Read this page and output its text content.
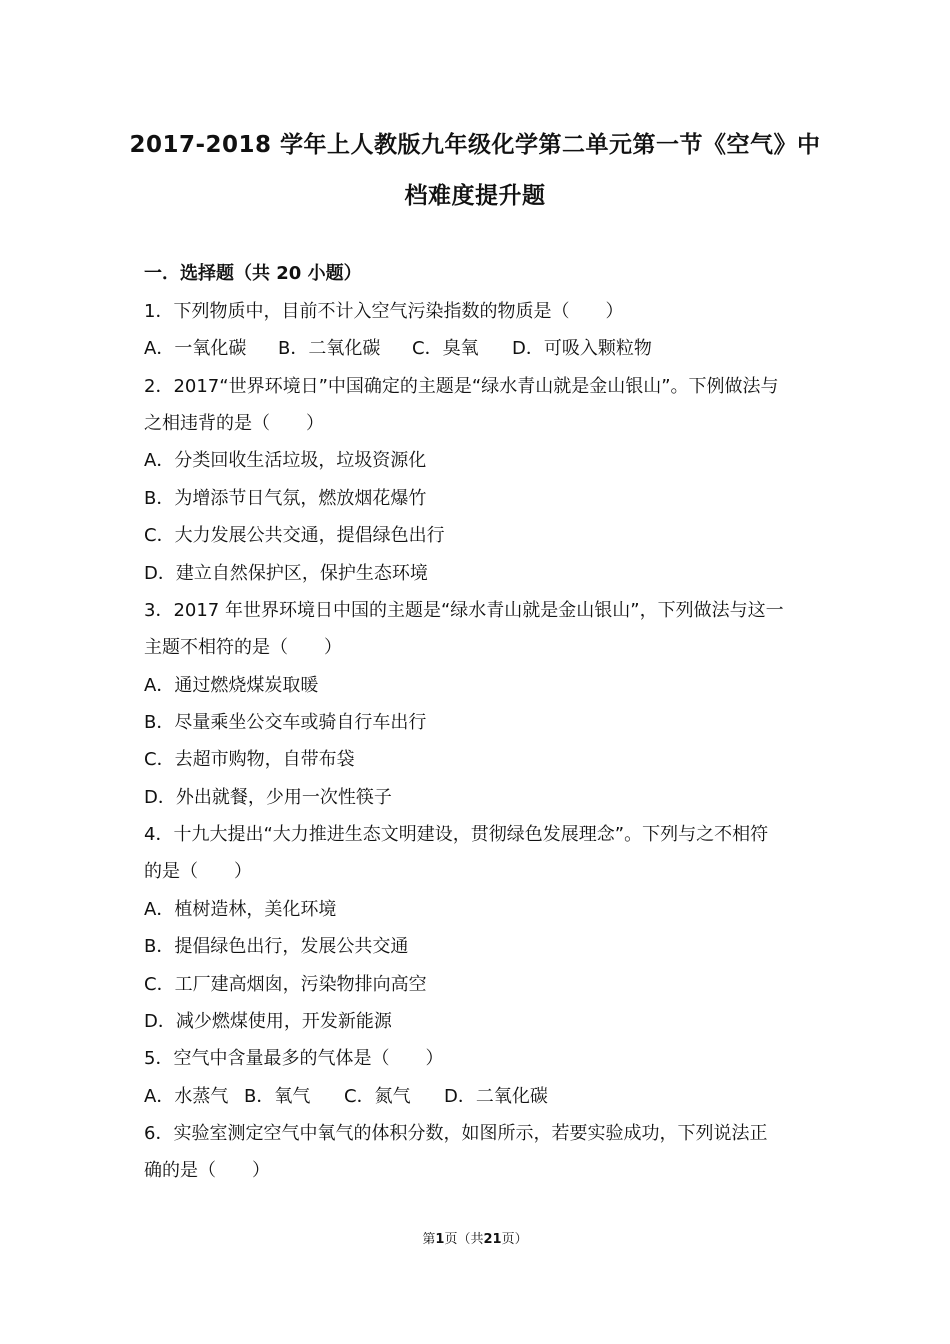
2017-2018 学年上人教版九年级化学第二单元第一节《空气》中
档难度提升题
一．选择题（共 20 小题）
1．下列物质中，目前不计入空气污染指数的物质是（　　）
A．一氧化碳 B．二氧化碳 C．臭氧 D．可吸入颗粒物
2．2017“世界环境日”中国确定的主题是“绿水青山就是金山银山”。下例做法与
之相违背的是（　　）
A．分类回收生活垃圾，垃圾资源化
B．为增添节日气氛，燃放烟花爆竹
C．大力发展公共交通，提倡绿色出行
D．建立自然保护区，保护生态环境
3．2017 年世界环境日中国的主题是“绿水青山就是金山银山”，下列做法与这一
主题不相符的是（　　）
A．通过燃烧煤炭取暖
B．尽量乘坐公交车或骑自行车出行
C．去超市购物，自带布袋
D．外出就餐，少用一次性筷子
4．十九大提出“大力推进生态文明建设，贯彻绿色发展理念”。下列与之不相符
的是（　　）
A．植树造林，美化环境
B．提倡绿色出行，发展公共交通
C．工厂建高烟囱，污染物排向高空
D．减少燃煤使用，开发新能源
5．空气中含量最多的气体是（　　）
A．水蒸气 B．氧气 C．氮气 D．二氧化碳
6．实验室测定空气中氧气的体积分数，如图所示，若要实验成功，下列说法正
确的是（　　）
第1页（共21页）
